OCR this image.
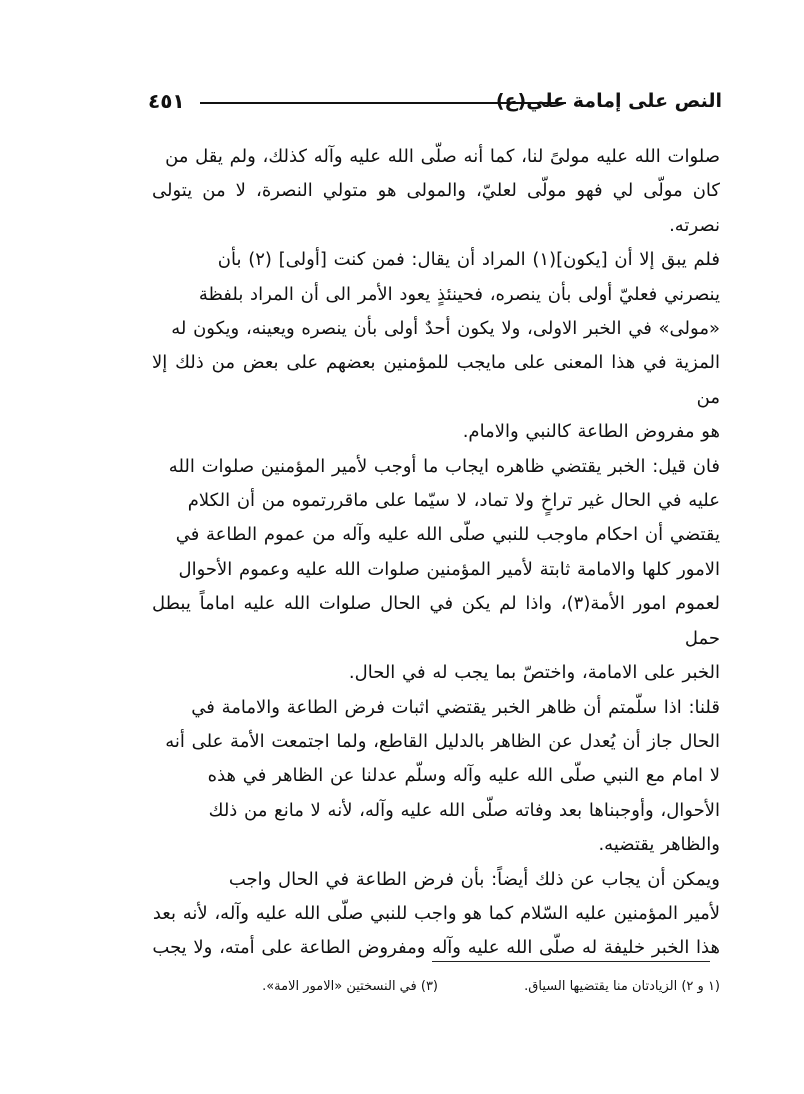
النص على إمامة علي(ع)
٤٥١

صلوات الله عليه مولىً لنا، كما أنه صلّى الله عليه وآله كذلك، ولم يقل من

كان مولّى لي فهو مولّى لعليّ، والمولى هو متولي النصرة، لا من يتولى نصرته.

فلم يبق إلا أن [يكون](١) المراد أن يقال: فمن كنت [أولى] (٢) بأن

ينصرني فعليّ أولى بأن ينصره، فحينئذٍ يعود الأمر الى أن المراد بلفظة

«مولى» في الخبر الاولى، ولا يكون أحدٌ أولى بأن ينصره ويعينه، ويكون له

المزية في هذا المعنى على مايجب للمؤمنين بعضهم على بعض من ذلك إلا من

هو مفروض الطاعة كالنبي والامام.

فان قيل: الخبر يقتضي ظاهره ايجاب ما أوجب لأمير المؤمنين صلوات الله

عليه في الحال غير تراخٍ ولا تماد، لا سيّما على ماقررتموه من أن الكلام

يقتضي أن احكام ماوجب للنبي صلّى الله عليه وآله من عموم الطاعة في

الامور كلها والامامة ثابتة لأمير المؤمنين صلوات الله عليه وعموم الأحوال

لعموم امور الأمة(٣)، واذا لم يكن في الحال صلوات الله عليه اماماً يبطل حمل

الخبر على الامامة، واختصّ بما يجب له في الحال.

قلنا: اذا سلّمتم أن ظاهر الخبر يقتضي اثبات فرض الطاعة والامامة في

الحال جاز أن يُعدل عن الظاهر بالدليل القاطع، ولما اجتمعت الأمة على أنه

لا امام مع النبي صلّى الله عليه وآله وسلّم عدلنا عن الظاهر في هذه

الأحوال، وأوجبناها بعد وفاته صلّى الله عليه وآله، لأنه لا مانع من ذلك

والظاهر يقتضيه.

ويمكن أن يجاب عن ذلك أيضاً: بأن فرض الطاعة في الحال واجب

لأمير المؤمنين عليه السّلام كما هو واجب للنبي صلّى الله عليه وآله، لأنه بعد

هذا الخبر خليفة له صلّى الله عليه وآله ومفروض الطاعة على أمته، ولا يجب

(١ و ٢) الزيادتان منا يقتضيها السياق.
(٣) في النسختين «الامور الامة».
